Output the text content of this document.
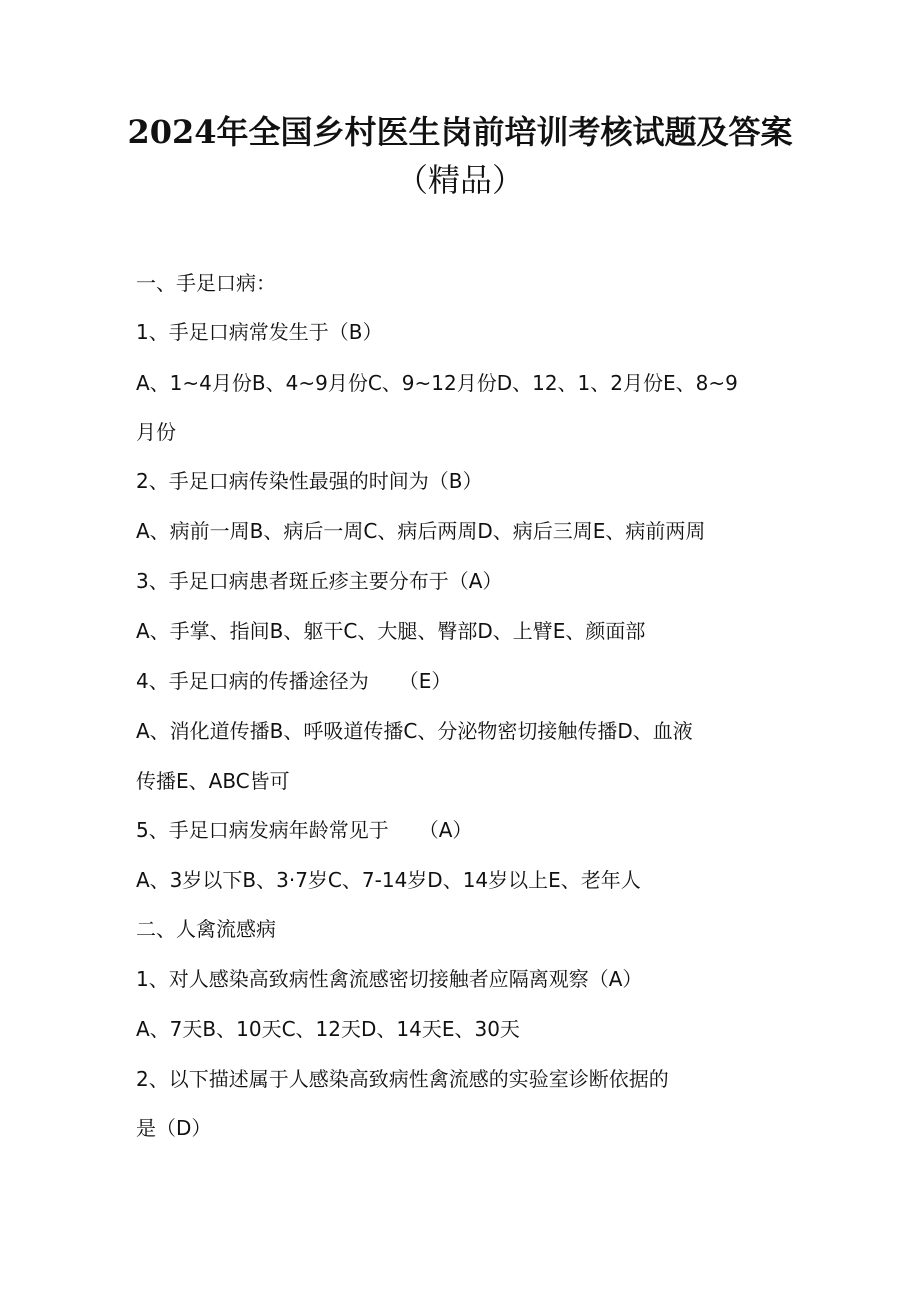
2024年全国乡村医生岗前培训考核试题及答案
（精品）
一、手足口病：
1、手足口病常发生于（B）
A、1~4月份B、4~9月份C、9~12月份D、12、1、2月份E、8~9
月份
2、手足口病传染性最强的时间为（B）
A、病前一周B、病后一周C、病后两周D、病后三周E、病前两周
3、手足口病患者斑丘疹主要分布于（A）
A、手掌、指间B、躯干C、大腿、臀部D、上臂E、颜面部
4、手足口病的传播途径为　　（E）
A、消化道传播B、呼吸道传播C、分泌物密切接触传播D、血液
传播E、ABC皆可
5、手足口病发病年龄常见于　　（A）
A、3岁以下B、3·7岁C、7-14岁D、14岁以上E、老年人
二、人禽流感病
1、对人感染高致病性禽流感密切接触者应隔离观察（A）
A、7天B、10天C、12天D、14天E、30天
2、以下描述属于人感染高致病性禽流感的实验室诊断依据的
是（D）
